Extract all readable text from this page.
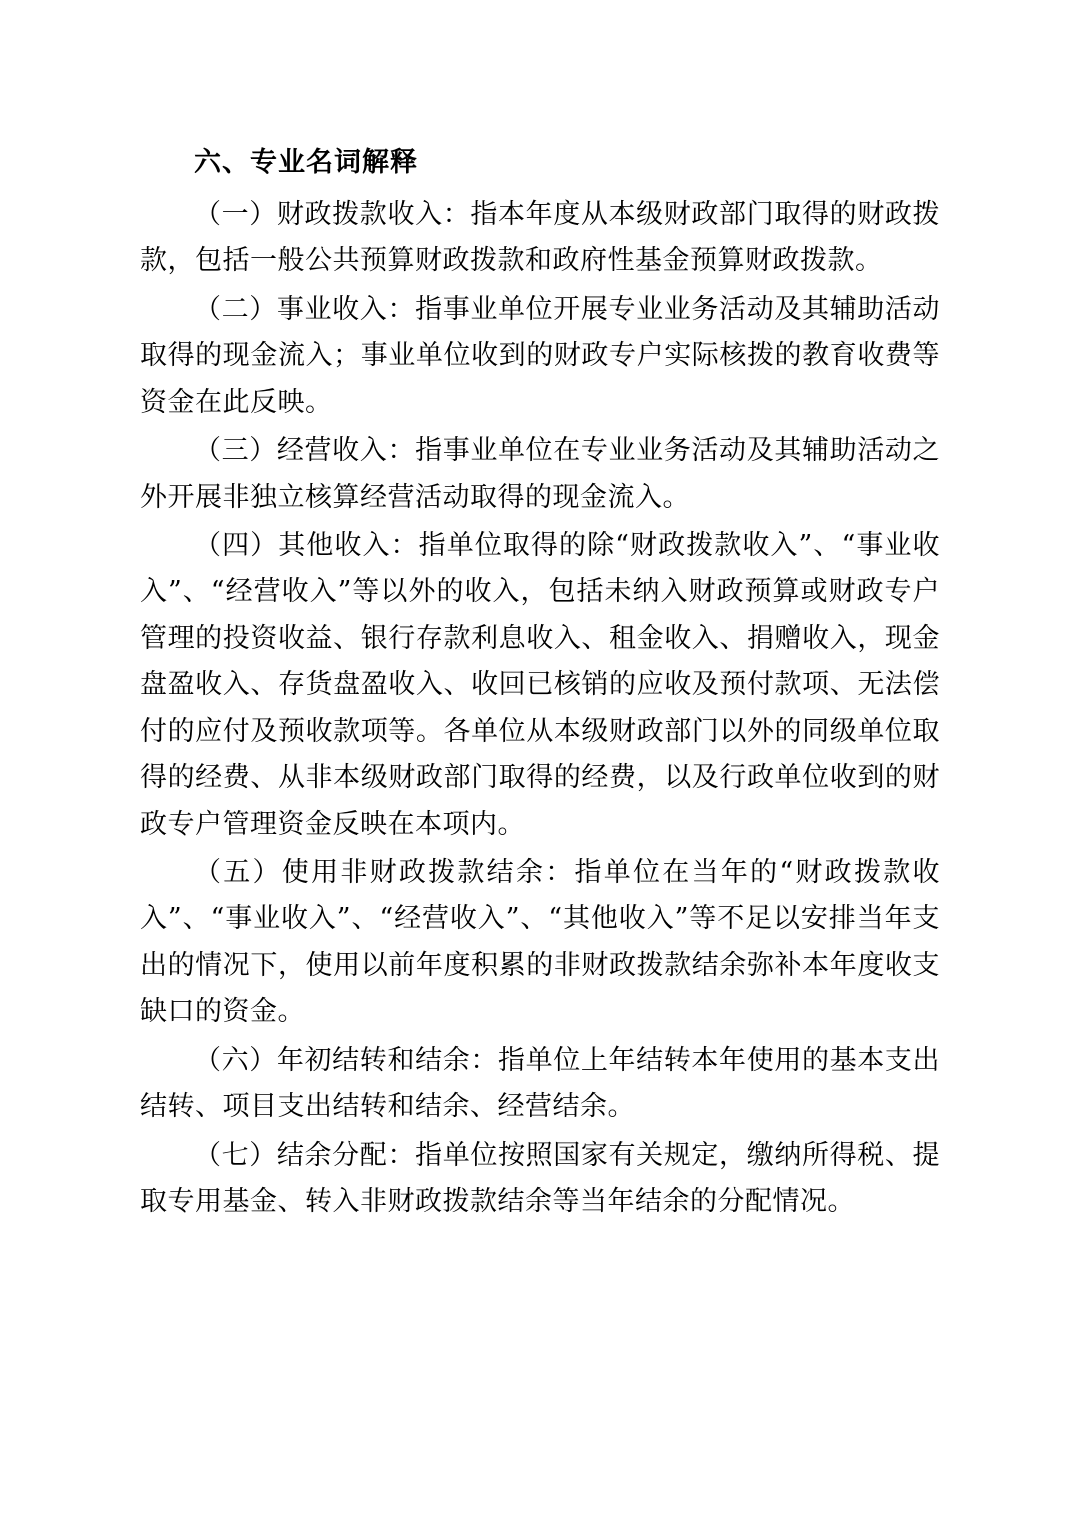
六、专业名词解释

（一）财政拨款收入：指本年度从本级财政部门取得的财政拨款，包括一般公共预算财政拨款和政府性基金预算财政拨款。

（二）事业收入：指事业单位开展专业业务活动及其辅助活动取得的现金流入；事业单位收到的财政专户实际核拨的教育收费等资金在此反映。

（三）经营收入：指事业单位在专业业务活动及其辅助活动之外开展非独立核算经营活动取得的现金流入。

（四）其他收入：指单位取得的除“财政拨款收入”、“事业收入”、“经营收入”等以外的收入，包括未纳入财政预算或财政专户管理的投资收益、银行存款利息收入、租金收入、捐赠收入，现金盘盈收入、存货盘盈收入、收回已核销的应收及预付款项、无法偿付的应付及预收款项等。各单位从本级财政部门以外的同级单位取得的经费、从非本级财政部门取得的经费，以及行政单位收到的财政专户管理资金反映在本项内。

（五）使用非财政拨款结余：指单位在当年的“财政拨款收入”、“事业收入”、“经营收入”、“其他收入”等不足以安排当年支出的情况下，使用以前年度积累的非财政拨款结余弥补本年度收支缺口的资金。

（六）年初结转和结余：指单位上年结转本年使用的基本支出结转、项目支出结转和结余、经营结余。

（七）结余分配：指单位按照国家有关规定，缴纳所得税、提取专用基金、转入非财政拨款结余等当年结余的分配情况。
